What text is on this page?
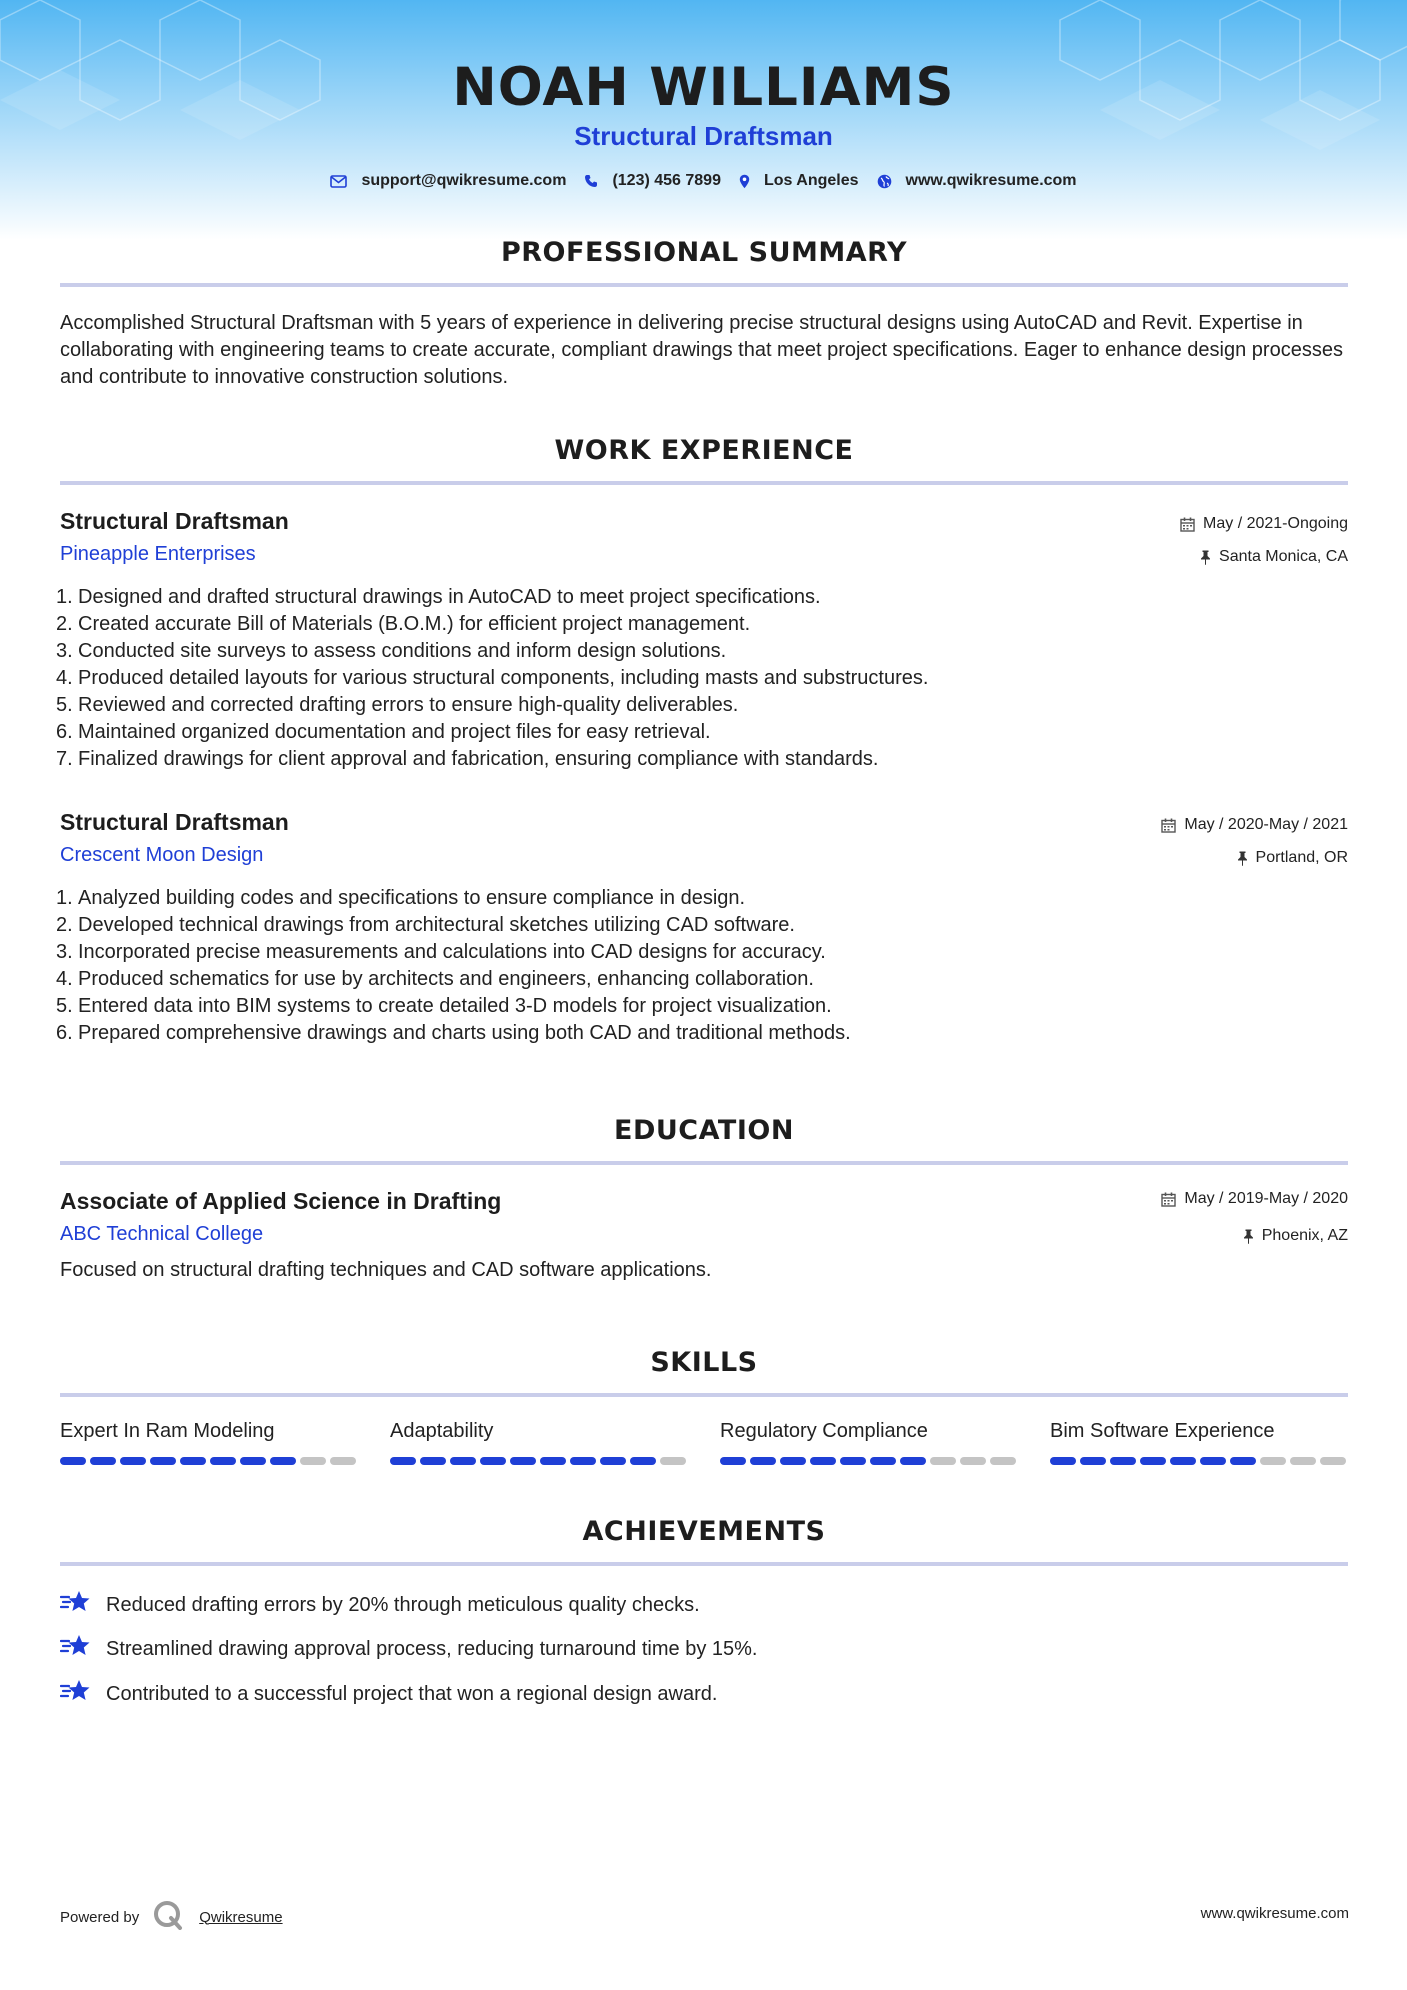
NOAH WILLIAMS
Structural Draftsman
support@qwikresume.com	(123) 456 7899	Los Angeles	www.qwikresume.com
PROFESSIONAL SUMMARY

Accomplished Structural Draftsman with 5 years of experience in delivering precise structural designs using AutoCAD and Revit. Expertise in collaborating with engineering teams to create accurate, compliant drawings that meet project specifications. Eager to enhance design processes and contribute to innovative construction solutions.

WORK EXPERIENCE
Structural Draftsman
Pineapple Enterprises
May / 2021-Ongoing
Santa Monica, CA
1. Designed and drafted structural drawings in AutoCAD to meet project specifications.
2. Created accurate Bill of Materials (B.O.M.) for efficient project management.
3. Conducted site surveys to assess conditions and inform design solutions.
4. Produced detailed layouts for various structural components, including masts and substructures.
5. Reviewed and corrected drafting errors to ensure high-quality deliverables.
6. Maintained organized documentation and project files for easy retrieval.
7. Finalized drawings for client approval and fabrication, ensuring compliance with standards.
Structural Draftsman
Crescent Moon Design
May / 2020-May / 2021
Portland, OR
1. Analyzed building codes and specifications to ensure compliance in design.
2. Developed technical drawings from architectural sketches utilizing CAD software.
3. Incorporated precise measurements and calculations into CAD designs for accuracy.
4. Produced schematics for use by architects and engineers, enhancing collaboration.
5. Entered data into BIM systems to create detailed 3-D models for project visualization.
6. Prepared comprehensive drawings and charts using both CAD and traditional methods.
EDUCATION
Associate of Applied Science in Drafting
ABC Technical College
May / 2019-May / 2020
Phoenix, AZ
Focused on structural drafting techniques and CAD software applications.
SKILLS
Expert In Ram Modeling	Adaptability	Regulatory Compliance	Bim Software Experience
ACHIEVEMENTS
Reduced drafting errors by 20% through meticulous quality checks.
Streamlined drawing approval process, reducing turnaround time by 15%.
Contributed to a successful project that won a regional design award.
Powered by	Qwikresume	www.qwikresume.com
